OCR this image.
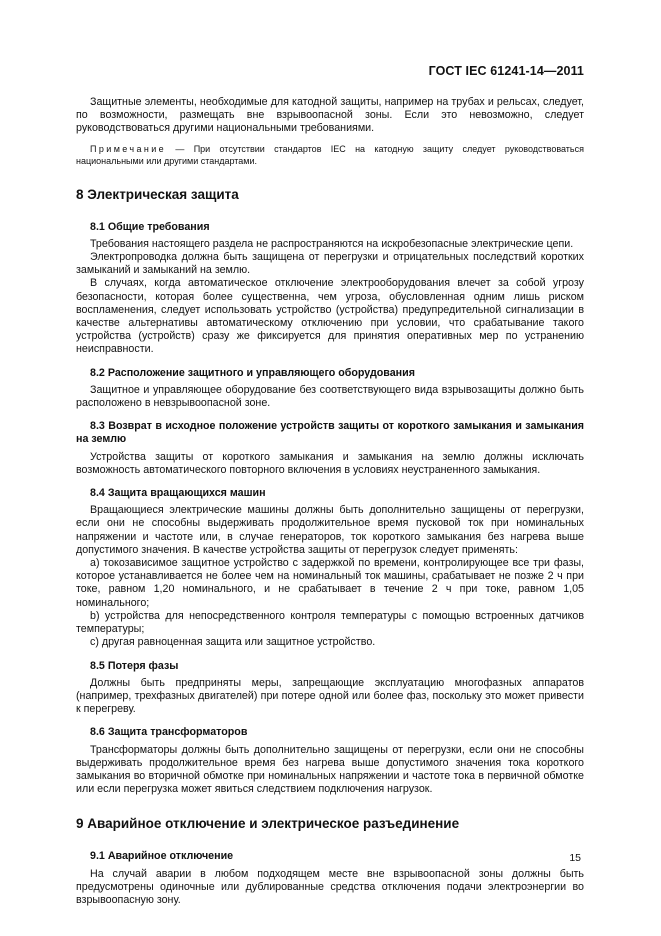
ГОСТ IEC 61241-14—2011

Защитные элементы, необходимые для катодной защиты, например на трубах и рельсах, следует, по возможности, размещать вне взрывоопасной зоны. Если это невозможно, следует руководствоваться другими национальными требованиями.

Примечание — При отсутствии стандартов IEC на катодную защиту следует руководствоваться национальными или другими стандартами.

8 Электрическая защита
8.1 Общие требования

Требования настоящего раздела не распространяются на искробезопасные электрические цепи.

Электропроводка должна быть защищена от перегрузки и отрицательных последствий коротких замыканий и замыканий на землю.

В случаях, когда автоматическое отключение электрооборудования влечет за собой угрозу безопасности, которая более существенна, чем угроза, обусловленная одним лишь риском воспламенения, следует использовать устройство (устройства) предупредительной сигнализации в качестве альтернативы автоматическому отключению при условии, что срабатывание такого устройства (устройств) сразу же фиксируется для принятия оперативных мер по устранению неисправности.

8.2 Расположение защитного и управляющего оборудования

Защитное и управляющее оборудование без соответствующего вида взрывозащиты должно быть расположено в невзрывоопасной зоне.

8.3 Возврат в исходное положение устройств защиты от короткого замыкания и замыкания на землю

Устройства защиты от короткого замыкания и замыкания на землю должны исключать возможность автоматического повторного включения в условиях неустраненного замыкания.

8.4 Защита вращающихся машин

Вращающиеся электрические машины должны быть дополнительно защищены от перегрузки, если они не способны выдерживать продолжительное время пусковой ток при номинальных напряжении и частоте или, в случае генераторов, ток короткого замыкания без нагрева выше допустимого значения. В качестве устройства защиты от перегрузок следует применять:

а) токозависимое защитное устройство с задержкой по времени, контролирующее все три фазы, которое устанавливается не более чем на номинальный ток машины, срабатывает не позже 2 ч при токе, равном 1,20 номинального, и не срабатывает в течение 2 ч при токе, равном 1,05 номинального;

b) устройства для непосредственного контроля температуры с помощью встроенных датчиков температуры;

c) другая равноценная защита или защитное устройство.

8.5 Потеря фазы

Должны быть предприняты меры, запрещающие эксплуатацию многофазных аппаратов (например, трехфазных двигателей) при потере одной или более фаз, поскольку это может привести к перегреву.

8.6 Защита трансформаторов

Трансформаторы должны быть дополнительно защищены от перегрузки, если они не способны выдерживать продолжительное время без нагрева выше допустимого значения тока короткого замыкания во вторичной обмотке при номинальных напряжении и частоте тока в первичной обмотке или если перегрузка может явиться следствием подключения нагрузок.

9 Аварийное отключение и электрическое разъединение
9.1 Аварийное отключение

На случай аварии в любом подходящем месте вне взрывоопасной зоны должны быть предусмотрены одиночные или дублированные средства отключения подачи электроэнергии во взрывоопасную зону.

15
